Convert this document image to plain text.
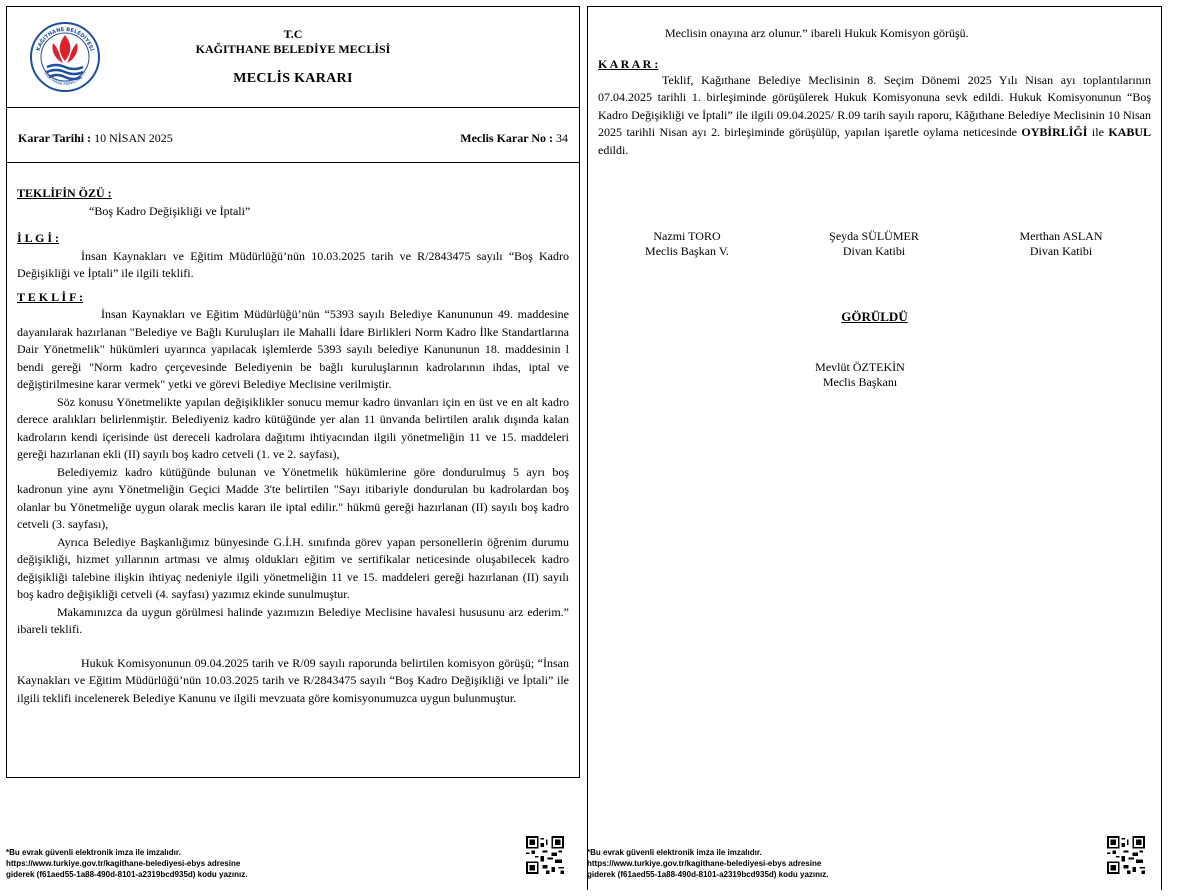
KAĞITHANE BELEDİYESİ
KAĞITHANE MUNICIPALITY
T.C
KAĞITHANE BELEDİYE MECLİSİ
MECLİS KARARI
Karar Tarihi : 10 NİSAN 2025	Meclis Karar No : 34
TEKLİFİN ÖZÜ :

“Boş Kadro Değişikliği ve İptali”

İ L G İ :

İnsan Kaynakları ve Eğitim Müdürlüğü’nün 10.03.2025 tarih ve R/2843475 sayılı “Boş Kadro Değişikliği ve İptali” ile ilgili teklifi.

T E K L İ F :

İnsan Kaynakları ve Eğitim Müdürlüğü’nün “5393 sayılı Belediye Kanununun 49. maddesine dayanılarak hazırlanan "Belediye ve Bağlı Kuruluşları ile Mahalli İdare Birlikleri Norm Kadro İlke Standartlarına Dair Yönetmelik" hükümleri uyarınca yapılacak işlemlerde 5393 sayılı belediye Kanununun 18. maddesinin l bendi gereği "Norm kadro çerçevesinde Belediyenin be bağlı kuruluşlarının kadrolarının ihdas, iptal ve değiştirilmesine karar vermek" yetki ve görevi Belediye Meclisine verilmiştir.

Söz konusu Yönetmelikte yapılan değişiklikler sonucu memur kadro ünvanları için en üst ve en alt kadro derece aralıkları belirlenmiştir. Belediyeniz kadro kütüğünde yer alan 11 ünvanda belirtilen aralık dışında kalan kadroların kendi içerisinde üst dereceli kadrolara dağıtımı ihtiyacından ilgili yönetmeliğin 11 ve 15. maddeleri gereği hazırlanan ekli (II) sayılı boş kadro cetveli (1. ve 2. sayfası),

Belediyemiz kadro kütüğünde bulunan ve Yönetmelik hükümlerine göre dondurulmuş 5 ayrı boş kadronun yine aynı Yönetmeliğin Geçici Madde 3'te belirtilen "Sayı itibariyle dondurulan bu kadrolardan boş olanlar bu Yönetmeliğe uygun olarak meclis kararı ile iptal edilir." hükmü gereği hazırlanan (II) sayılı boş kadro cetveli (3. sayfası),

Ayrıca Belediye Başkanlığımız bünyesinde G.İ.H. sınıfında görev yapan personellerin öğrenim durumu değişikliği, hizmet yıllarının artması ve almış oldukları eğitim ve sertifikalar neticesinde oluşabilecek kadro değişikliği talebine ilişkin ihtiyaç nedeniyle ilgili yönetmeliğin 11 ve 15. maddeleri gereği hazırlanan (II) sayılı boş kadro değişikliği cetveli (4. sayfası) yazımız ekinde sunulmuştur.

Makamınızca da uygun görülmesi halinde yazımızın Belediye Meclisine havalesi hususunu arz ederim.” ibareli teklifi.

Hukuk Komisyonunun 09.04.2025 tarih ve R/09 sayılı raporunda belirtilen komisyon görüşü; “İnsan Kaynakları ve Eğitim Müdürlüğü’nün 10.03.2025 tarih ve R/2843475 sayılı “Boş Kadro Değişikliği ve İptali” ile ilgili teklifi incelenerek Belediye Kanunu ve ilgili mevzuata göre komisyonumuzca uygun bulunmuştur.

*Bu evrak güvenli elektronik imza ile imzalıdır.
https://www.turkiye.gov.tr/kagithane-belediyesi-ebys adresine
giderek (f61aed55-1a88-490d-8101-a2319bcd935d) kodu yazınız.

Meclisin onayına arz olunur.” ibareli Hukuk Komisyon görüşü.

K A R A R :

Teklif, Kağıthane Belediye Meclisinin 8. Seçim Dönemi 2025 Yılı Nisan ayı toplantılarının 07.04.2025 tarihli 1. birleşiminde görüşülerek Hukuk Komisyonuna sevk edildi. Hukuk Komisyonunun “Boş Kadro Değişikliği ve İptali” ile ilgili 09.04.2025/ R.09 tarih sayılı raporu, Kâğıthane Belediye Meclisinin 10 Nisan 2025 tarihli Nisan ayı 2. birleşiminde görüşülüp, yapılan işaretle oylama neticesinde OYBİRLİĞİ ile KABUL edildi.

Nazmi TORO
Meclis Başkan V.
Şeyda SÜLÜMER
Divan Katibi
Merthan ASLAN
Divan Katibi
GÖRÜLDÜ
Mevlüt ÖZTEKİN
Meclis Başkanı
*Bu evrak güvenli elektronik imza ile imzalıdır.
https://www.turkiye.gov.tr/kagithane-belediyesi-ebys adresine
giderek (f61aed55-1a88-490d-8101-a2319bcd935d) kodu yazınız.
